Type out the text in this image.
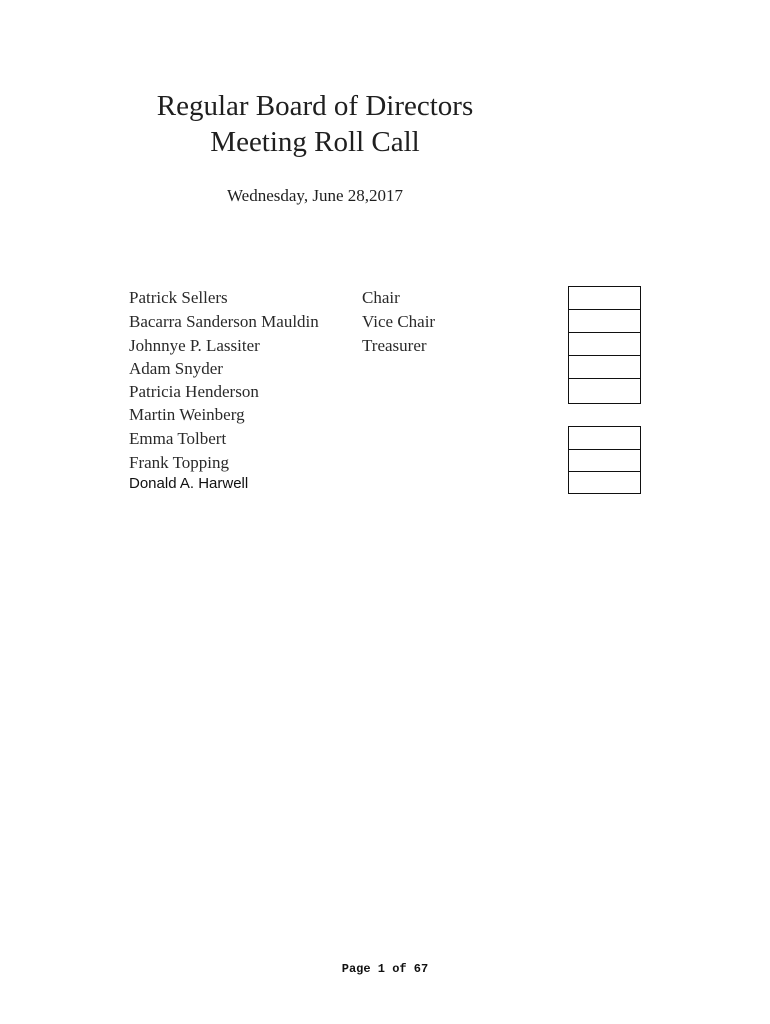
Regular Board of Directors
Meeting Roll Call
Wednesday, June 28,2017
Patrick Sellers
Bacarra Sanderson Mauldin
Johnnye P. Lassiter
Adam Snyder
Patricia Henderson
Martin Weinberg
Emma Tolbert
Frank Topping
Donald A. Harwell
Chair
Vice Chair
Treasurer
Page 1 of 67
